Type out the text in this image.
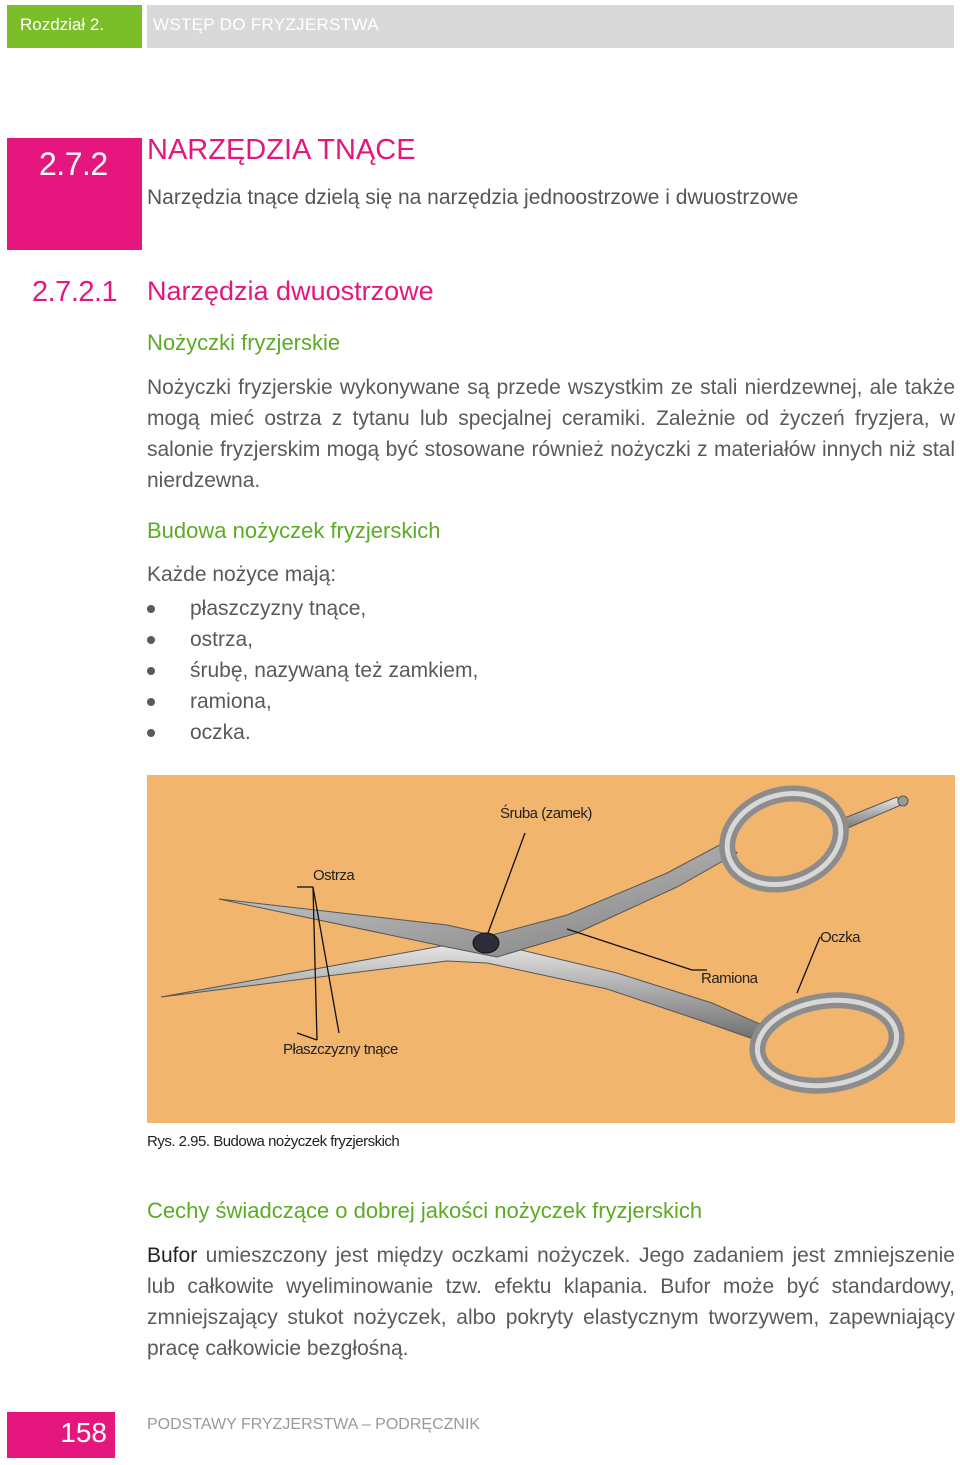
Rozdział 2.	WSTĘP DO FRYZJERSTWA
2.7.2 NARZĘDZIA TNĄCE
Narzędzia tnące dzielą się na narzędzia jednoostrzowe i dwuostrzowe
2.7.2.1 Narzędzia dwuostrzowe
Nożyczki fryzjerskie
Nożyczki fryzjerskie wykonywane są przede wszystkim ze stali nierdzewnej, ale także mogą mieć ostrza z tytanu lub specjalnej ceramiki. Zależnie od życzeń fryzjera, w salonie fryzjerskim mogą być stosowane również nożyczki z materiałów innych niż stal nierdzewna.
Budowa nożyczek fryzjerskich
Każde nożyce mają:
płaszczyzny tnące,
ostrza,
śrubę, nazywaną też zamkiem,
ramiona,
oczka.
Śruba (zamek)
Ostrza
Oczka
Ramiona
Płaszczyzny tnące
Rys. 2.95. Budowa nożyczek fryzjerskich
Cechy świadczące o dobrej jakości nożyczek fryzjerskich
Bufor umieszczony jest między oczkami nożyczek. Jego zadaniem jest zmniejszenie lub całkowite wyeliminowanie tzw. efektu klapania. Bufor może być standardowy, zmniejszający stukot nożyczek, albo pokryty elastycznym tworzywem, zapewniający pracę całkowicie bezgłośną.
158	PODSTAWY FRYZJERSTWA – PODRĘCZNIK
